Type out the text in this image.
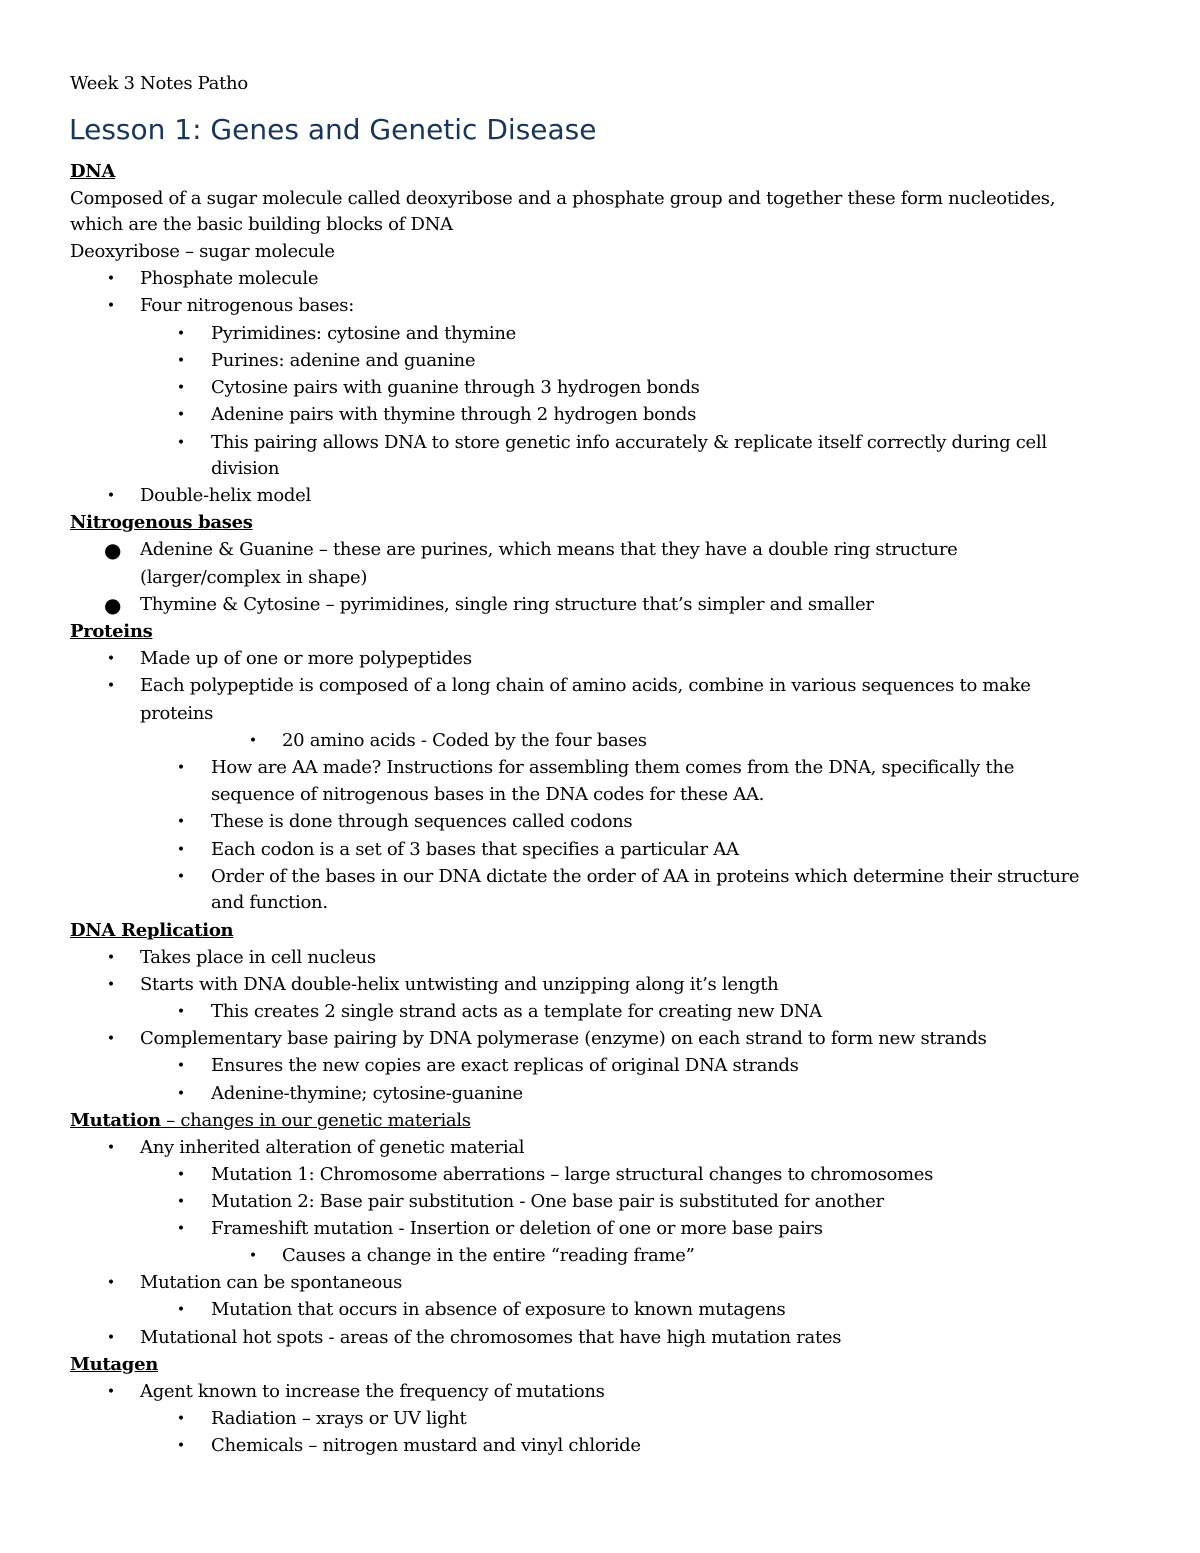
Week 3 Notes Patho
Lesson 1: Genes and Genetic Disease
DNA
Composed of a sugar molecule called deoxyribose and a phosphate group and together these form nucleotides,
which are the basic building blocks of DNA
Deoxyribose – sugar molecule
• Phosphate molecule
• Four nitrogenous bases:
• Pyrimidines: cytosine and thymine
• Purines: adenine and guanine
• Cytosine pairs with guanine through 3 hydrogen bonds
• Adenine pairs with thymine through 2 hydrogen bonds
• This pairing allows DNA to store genetic info accurately & replicate itself correctly during cell
division
• Double-helix model
Nitrogenous bases
● Adenine & Guanine – these are purines, which means that they have a double ring structure
(larger/complex in shape)
● Thymine & Cytosine – pyrimidines, single ring structure that’s simpler and smaller
Proteins
• Made up of one or more polypeptides
• Each polypeptide is composed of a long chain of amino acids, combine in various sequences to make
proteins
• 20 amino acids - Coded by the four bases
• How are AA made? Instructions for assembling them comes from the DNA, specifically the
sequence of nitrogenous bases in the DNA codes for these AA.
• These is done through sequences called codons
• Each codon is a set of 3 bases that specifies a particular AA
• Order of the bases in our DNA dictate the order of AA in proteins which determine their structure
and function.
DNA Replication
• Takes place in cell nucleus
• Starts with DNA double-helix untwisting and unzipping along it’s length
• This creates 2 single strand acts as a template for creating new DNA
• Complementary base pairing by DNA polymerase (enzyme) on each strand to form new strands
• Ensures the new copies are exact replicas of original DNA strands
• Adenine-thymine; cytosine-guanine
Mutation – changes in our genetic materials
• Any inherited alteration of genetic material
• Mutation 1: Chromosome aberrations – large structural changes to chromosomes
• Mutation 2: Base pair substitution - One base pair is substituted for another
• Frameshift mutation - Insertion or deletion of one or more base pairs
• Causes a change in the entire “reading frame”
• Mutation can be spontaneous
• Mutation that occurs in absence of exposure to known mutagens
• Mutational hot spots - areas of the chromosomes that have high mutation rates
Mutagen
• Agent known to increase the frequency of mutations
• Radiation – xrays or UV light
• Chemicals – nitrogen mustard and vinyl chloride
